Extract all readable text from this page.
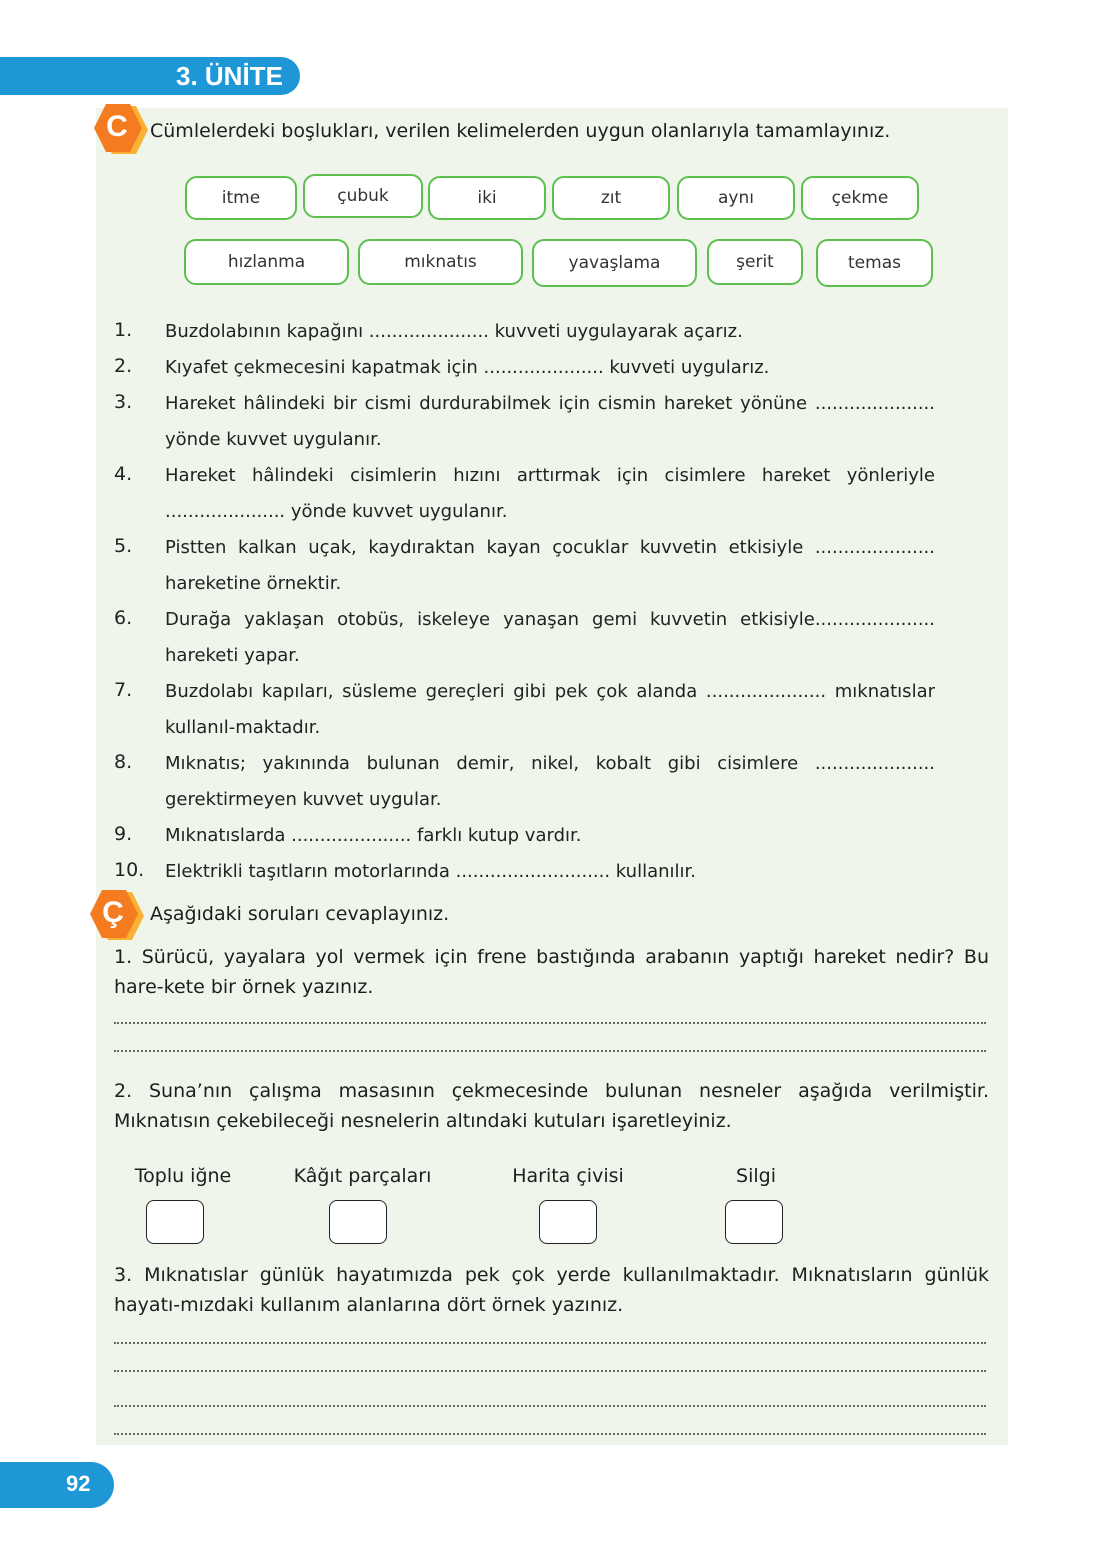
3. ÜNİTE
C	Cümlelerdeki boşlukları, verilen kelimelerden uygun olanlarıyla tamamlayınız.
itme	çubuk	iki	zıt	aynı	çekme
hızlanma	mıknatıs	yavaşlama	şerit	temas
1. Buzdolabının kapağını ..................... kuvveti uygulayarak açarız.
2. Kıyafet çekmecesini kapatmak için ..................... kuvveti uygularız.
3. Hareket hâlindeki bir cismi durdurabilmek için cismin hareket yönüne ..................... yönde kuvvet uygulanır.
4. Hareket hâlindeki cisimlerin hızını arttırmak için cisimlere hareket yönleriyle ..................... yönde kuvvet uygulanır.
5. Pistten kalkan uçak, kaydıraktan kayan çocuklar kuvvetin etkisiyle ..................... hareketine örnektir.
6. Durağa yaklaşan otobüs, iskeleye yanaşan gemi kuvvetin etkisiyle..................... hareketi yapar.
7. Buzdolabı kapıları, süsleme gereçleri gibi pek çok alanda ..................... mıknatıslar kullanıl-maktadır.
8. Mıknatıs; yakınında bulunan demir, nikel, kobalt gibi cisimlere ..................... gerektirmeyen kuvvet uygular.
9. Mıknatıslarda ..................... farklı kutup vardır.
10. Elektrikli taşıtların motorlarında ........................... kullanılır.
Ç	Aşağıdaki soruları cevaplayınız.
1. Sürücü, yayalara yol vermek için frene bastığında arabanın yaptığı hareket nedir? Bu hare-kete bir örnek yazınız.
2. Suna’nın çalışma masasının çekmecesinde bulunan nesneler aşağıda verilmiştir. Mıknatısın çekebileceği nesnelerin altındaki kutuları işaretleyiniz.
Toplu iğne	Kâğıt parçaları	Harita çivisi	Silgi
3. Mıknatıslar günlük hayatımızda pek çok yerde kullanılmaktadır. Mıknatısların günlük hayatı-mızdaki kullanım alanlarına dört örnek yazınız.
92
